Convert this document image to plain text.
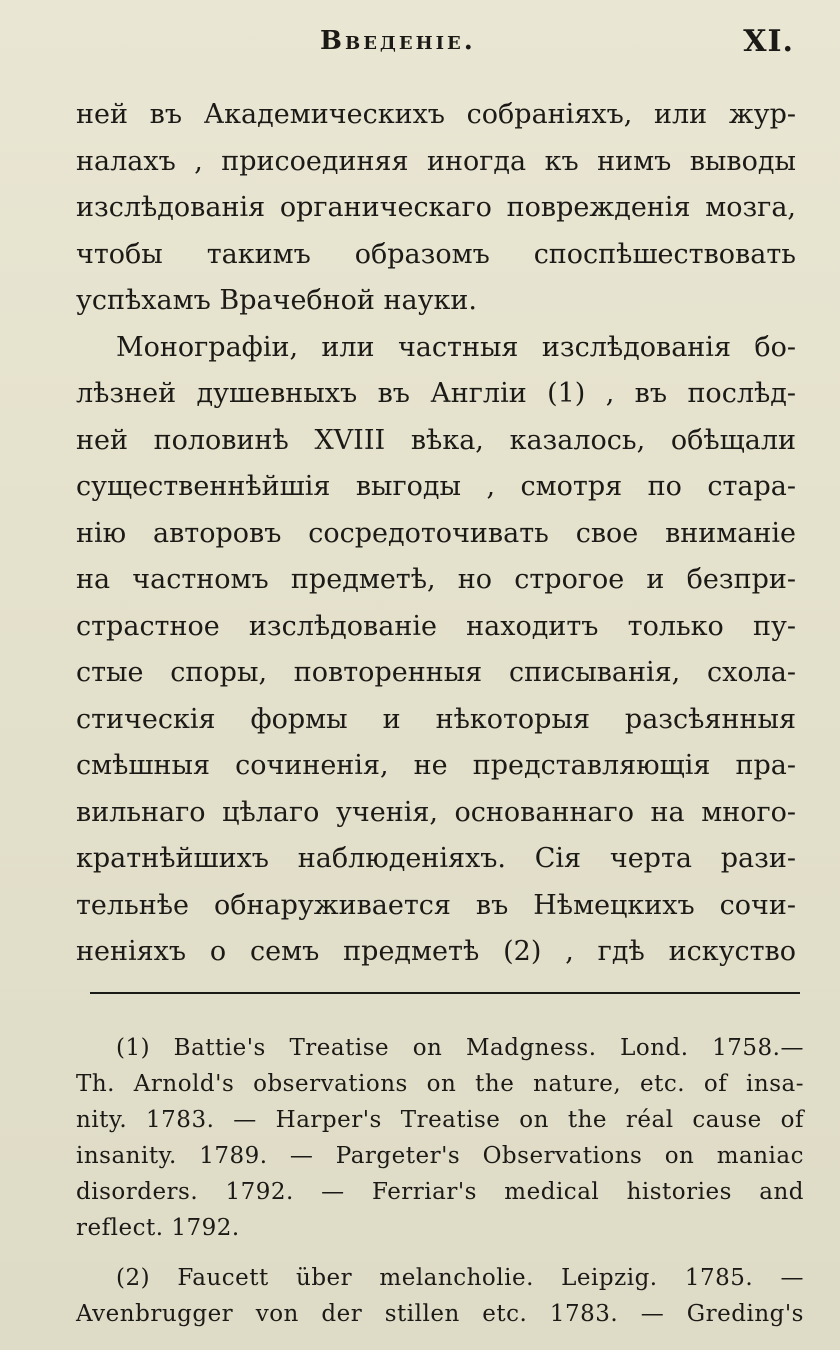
Введеніе.	XI.
ней въ Академическихъ собраніяхъ, или жур-
налахъ , присоединяя иногда къ нимъ выводы
изслѣдованія органическаго поврежденія мозга,
чтобы такимъ образомъ споспѣшествовать
успѣхамъ Врачебной науки.
Монографіи, или частныя изслѣдованія бо-
лѣзней душевныхъ въ Англіи (1) , въ послѣд-
ней половинѣ XVIII вѣка, казалось, обѣщали
существеннѣйшія выгоды , смотря по стара-
нію авторовъ сосредоточивать свое вниманіе
на частномъ предметѣ, но строгое и безпри-
страстное изслѣдованіе находитъ только пу-
стые споры, повторенныя списыванія, схола-
стическія формы и нѣкоторыя разсѣянныя
смѣшныя сочиненія, не представляющія пра-
вильнаго цѣлаго ученія, основаннаго на много-
кратнѣйшихъ наблюденіяхъ. Сія черта рази-
тельнѣе обнаруживается въ Нѣмецкихъ сочи-
неніяхъ о семъ предметѣ (2) , гдѣ искуство
(1) Battie's Treatise on Madgness. Lond. 1758.—
Th. Arnold's observations on the nature, etc. of insa-
nity. 1783. — Harper's Treatise on the réal cause of
insanity. 1789. — Pargeter's Observations on maniac
disorders. 1792. — Ferriar's medical histories and
reflect. 1792.
(2) Faucett über melancholie. Leipzig. 1785. —
Avenbrugger von der stillen etc. 1783. — Greding's
